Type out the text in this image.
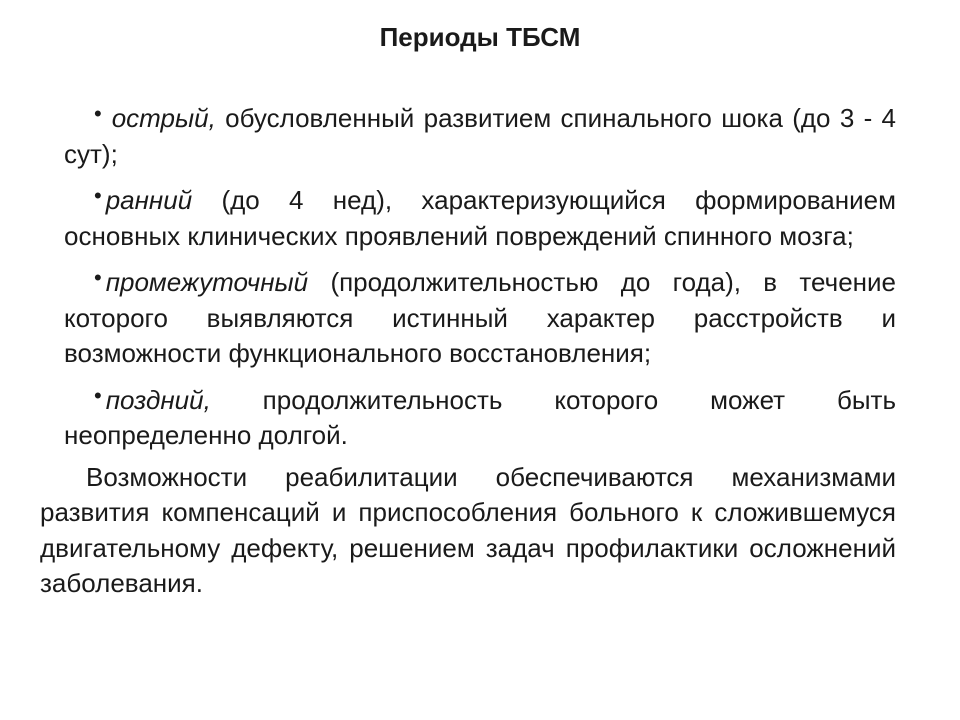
Периоды ТБСМ
• острый, обусловленный развитием спинального шока (до 3 - 4 сут);
• ранний (до 4 нед), характеризующийся формированием основных клинических проявлений повреждений спинного мозга;
• промежуточный (продолжительностью до года), в течение которого выявляются истинный характер расстройств и возможности функционального восстановления;
• поздний, продолжительность которого может быть неопределенно долгой.
Возможности реабилитации обеспечиваются механизмами развития компенсаций и приспособления больного к сложившемуся двигательному дефекту, решением задач профилактики осложнений заболевания.
